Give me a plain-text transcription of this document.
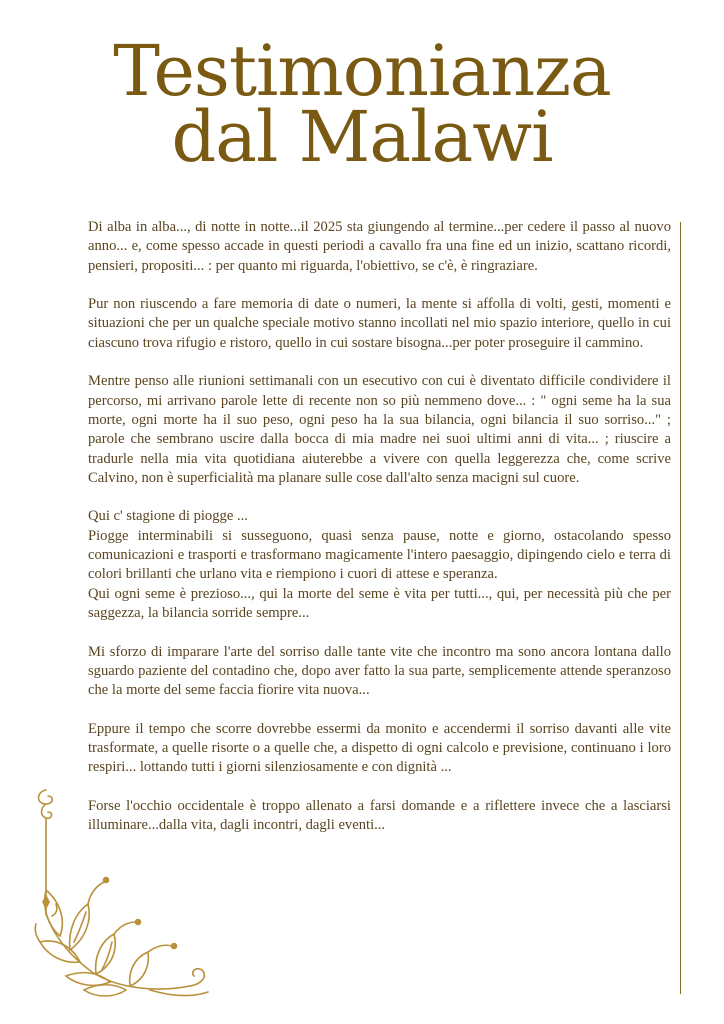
Testimonianza
dal Malawi

Di alba in alba..., di notte in notte...il 2025 sta giungendo al termine...per cedere il passo al nuovo anno... e, come spesso accade in questi periodi a cavallo fra una fine ed un inizio, scattano ricordi, pensieri, propositi... : per quanto mi riguarda, l'obiettivo, se c'è, è ringraziare.

Pur non riuscendo a fare memoria di date o numeri, la mente si affolla di volti, gesti, momenti e situazioni che per un qualche speciale motivo stanno incollati nel mio spazio interiore, quello in cui ciascuno trova rifugio e ristoro, quello in cui sostare bisogna...per poter proseguire il cammino.

Mentre penso alle riunioni settimanali con un esecutivo con cui è diventato difficile condividere il percorso, mi arrivano parole lette di recente non so più nemmeno dove... : " ogni seme ha la sua morte, ogni morte ha il suo peso, ogni peso ha la sua bilancia, ogni bilancia il suo sorriso..." ; parole che sembrano uscire dalla bocca di mia madre nei suoi ultimi anni di vita... ; riuscire a tradurle nella mia vita quotidiana aiuterebbe a vivere con quella leggerezza che, come scrive Calvino, non è superficialità ma planare sulle cose dall'alto senza macigni sul cuore.

Qui c' stagione di piogge ...

Piogge interminabili si susseguono, quasi senza pause, notte e giorno, ostacolando spesso comunicazioni e trasporti e trasformano magicamente l'intero paesaggio, dipingendo cielo e terra di colori brillanti che urlano vita e riempiono i cuori di attese e speranza.

Qui ogni seme è prezioso..., qui la morte del seme è vita per tutti..., qui, per necessità più che per saggezza, la bilancia sorride sempre...

Mi sforzo di imparare l'arte del sorriso dalle tante vite che incontro ma sono ancora lontana dallo sguardo paziente del contadino che, dopo aver fatto la sua parte, semplicemente attende speranzoso che la morte del seme faccia fiorire vita nuova...

Eppure il tempo che scorre dovrebbe essermi da monito e accendermi il sorriso davanti alle vite trasformate, a quelle risorte o a quelle che, a dispetto di ogni calcolo e previsione, continuano i loro respiri... lottando tutti i giorni silenziosamente e con dignità ...

Forse l'occhio occidentale è troppo allenato a farsi domande e a riflettere invece che a lasciarsi illuminare...dalla vita, dagli incontri, dagli eventi...
